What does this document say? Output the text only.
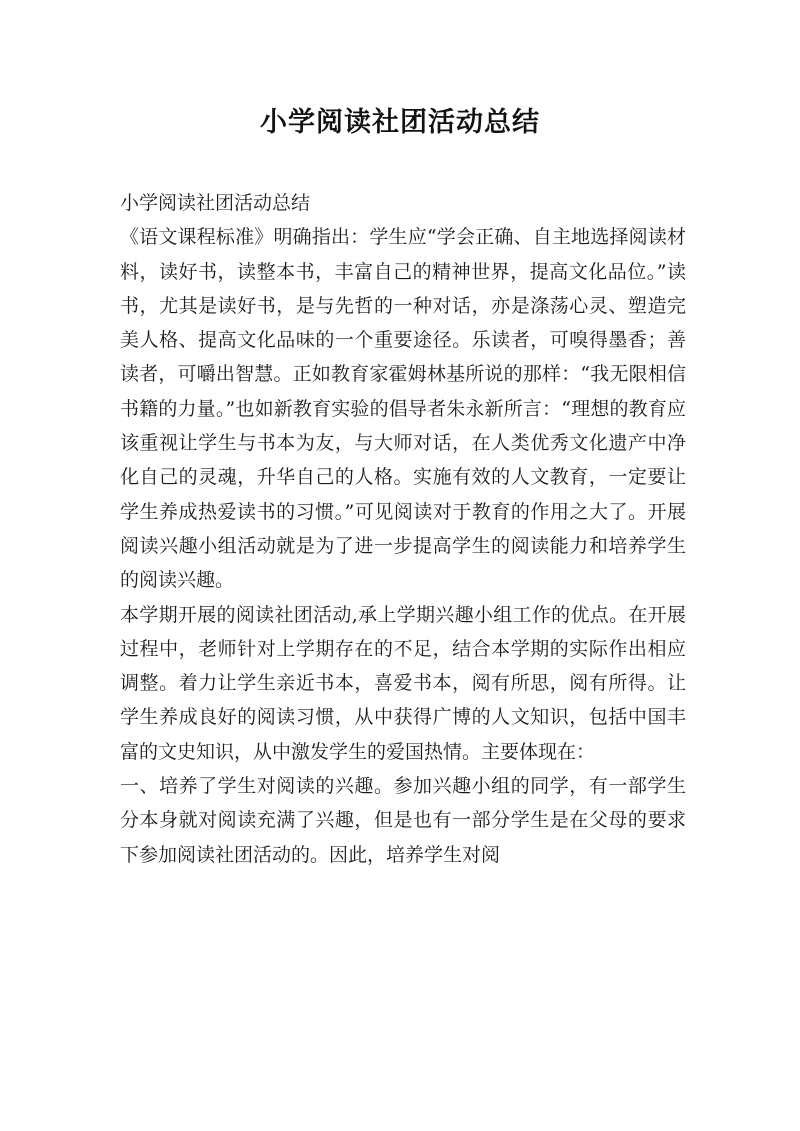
小学阅读社团活动总结

小学阅读社团活动总结

《语文课程标准》明确指出：学生应“学会正确、自主地选择阅读材料，读好书，读整本书，丰富自己的精神世界，提高文化品位。”读书，尤其是读好书，是与先哲的一种对话，亦是涤荡心灵、塑造完美人格、提高文化品味的一个重要途径。乐读者，可嗅得墨香；善读者，可嚼出智慧。正如教育家霍姆林基所说的那样：“我无限相信书籍的力量。”也如新教育实验的倡导者朱永新所言：“理想的教育应该重视让学生与书本为友，与大师对话，在人类优秀文化遗产中净化自己的灵魂，升华自己的人格。实施有效的人文教育，一定要让学生养成热爱读书的习惯。”可见阅读对于教育的作用之大了。开展阅读兴趣小组活动就是为了进一步提高学生的阅读能力和培养学生的阅读兴趣。

本学期开展的阅读社团活动,承上学期兴趣小组工作的优点。在开展过程中，老师针对上学期存在的不足，结合本学期的实际作出相应调整。着力让学生亲近书本，喜爱书本，阅有所思，阅有所得。让学生养成良好的阅读习惯，从中获得广博的人文知识，包括中国丰富的文史知识，从中激发学生的爱国热情。主要体现在：

一、培养了学生对阅读的兴趣。参加兴趣小组的同学，有一部学生分本身就对阅读充满了兴趣，但是也有一部分学生是在父母的要求下参加阅读社团活动的。因此，培养学生对阅
